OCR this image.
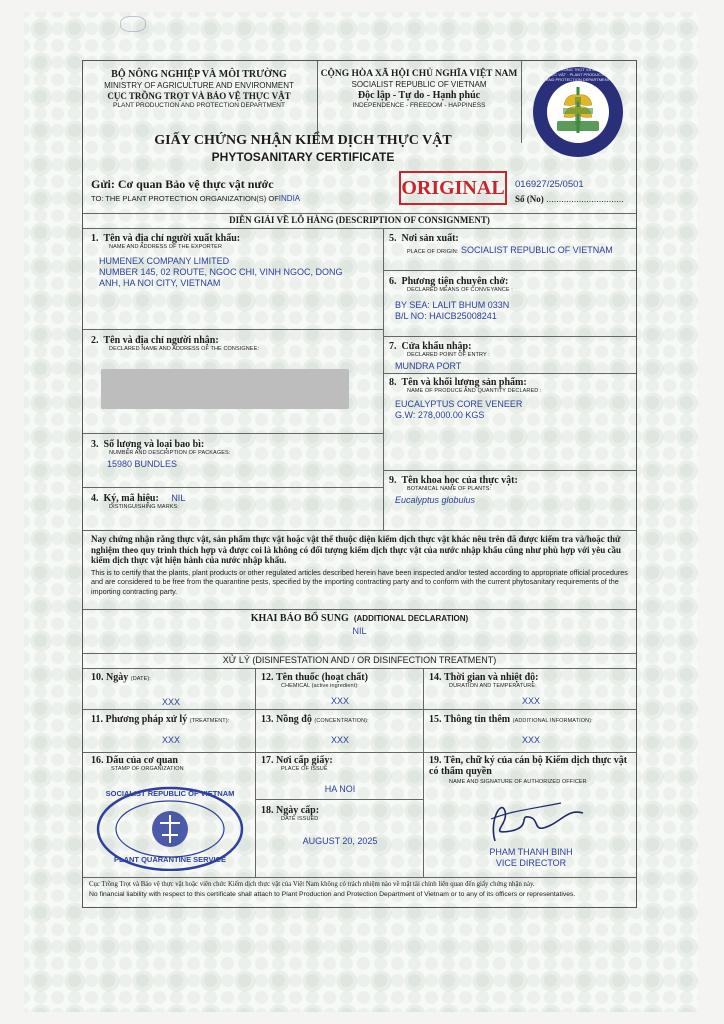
BỘ NÔNG NGHIỆP VÀ MÔI TRƯỜNG
MINISTRY OF AGRICULTURE AND ENVIRONMENT
CỤC TRỒNG TRỌT VÀ BẢO VỆ THỰC VẬT
PLANT PRODUCTION AND PROTECTION DEPARTMENT
CỘNG HÒA XÃ HỘI CHỦ NGHĨA VIỆT NAM
SOCIALIST REPUBLIC OF VIETNAM
Độc lập - Tự do - Hạnh phúc
INDEPENDENCE - FREEDOM - HAPPINESS
CỤC TRỒNG TRỌT VÀ BẢO VỆ THỰC VẬT · PLANT PRODUCTION AND PROTECTION DEPARTMENT
GIẤY CHỨNG NHẬN KIỂM DỊCH THỰC VẬT
PHYTOSANITARY CERTIFICATE
Gửi: Cơ quan Bảo vệ thực vật nước
TO: THE PLANT PROTECTION ORGANIZATION(S) OFINDIA	ORIGINAL 016927/25/0501
Số (No) ...............................
DIỄN GIẢI VỀ LÔ HÀNG (DESCRIPTION OF CONSIGNMENT)
1. Tên và địa chỉ người xuất khẩu:
NAME AND ADDRESS OF THE EXPORTER
HUMENEX COMPANY LIMITED
NUMBER 145, 02 ROUTE, NGOC CHI, VINH NGOC, DONG
ANH, HA NOI CITY, VIETNAM
2. Tên và địa chỉ người nhận:
DECLARED NAME AND ADDRESS OF THE CONSIGNEE:
3. Số lượng và loại bao bì:
NUMBER AND DESCRIPTION OF PACKAGES:
15980 BUNDLES
4. Ký, mã hiệu: NIL
DISTINGUISHING MARKS:
5. Nơi sản xuất:
PLACE OF ORIGIN: SOCIALIST REPUBLIC OF VIETNAM
6. Phương tiện chuyên chở:
DECLARED MEANS OF CONVEYANCE :
BY SEA: LALIT BHUM 033N
B/L NO: HAICB25008241
7. Cửa khẩu nhập:
DECLARED POINT OF ENTRY :
MUNDRA PORT
8. Tên và khối lượng sản phẩm:
NAME OF PRODUCE AND QUANTITY DECLARED :
EUCALYPTUS CORE VENEER
G.W: 278,000.00 KGS
9. Tên khoa học của thực vật:
BOTANICAL NAME OF PLANTS:
Eucalyptus globulus
Nay chứng nhận rằng thực vật, sản phẩm thực vật hoặc vật thể thuộc diện kiểm dịch thực vật khác nêu trên đã được kiểm tra và/hoặc thử nghiệm theo quy trình thích hợp và được coi là không có đối tượng kiểm dịch thực vật của nước nhập khẩu cũng như phù hợp với yêu cầu kiểm dịch thực vật hiện hành của nước nhập khẩu.
This is to certify that the plants, plant products or other regulated articles described herein have been inspected and/or tested according to appropriate official procedures and are considered to be free from the quarantine pests, specified by the importing contracting party and to conform with the current phytosanitary requirements of the importing contracting party.
KHAI BÁO BỔ SUNG (ADDITIONAL DECLARATION)
NIL
XỬ LÝ (DISINFESTATION AND / OR DISINFECTION TREATMENT)
10. Ngày (DATE):
XXX
12. Tên thuốc (hoạt chất)
CHEMICAL (active ingredient):
XXX
14. Thời gian và nhiệt độ:
DURATION AND TEMPERATURE:
XXX
11. Phương pháp xử lý (TREATMENT):
XXX
13. Nồng độ (CONCENTRATION):
XXX
15. Thông tin thêm (ADDITIONAL INFORMATION):
XXX
16. Dấu của cơ quan
STAMP OF ORGANIZATION
SOCIALIST REPUBLIC OF VIETNAM
PLANT QUARANTINE SERVICE
17. Nơi cấp giấy:
PLACE OF ISSUE
HA NOI
18. Ngày cấp:
DATE ISSUED
AUGUST 20, 2025
19. Tên, chữ ký của cán bộ Kiểm dịch thực vật có thẩm quyền
NAME AND SIGNATURE OF AUTHORIZED OFFICER
PHAM THANH BINH
VICE DIRECTOR
Cục Trồng Trọt và Bảo vệ thực vật hoặc viên chức Kiểm dịch thực vật của Việt Nam không có trách nhiệm nào về mặt tài chính liên quan đến giấy chứng nhận này.
No financial liability with respect to this certificate shall attach to Plant Production and Protection Department of Vietnam or to any of its officers or representatives.
